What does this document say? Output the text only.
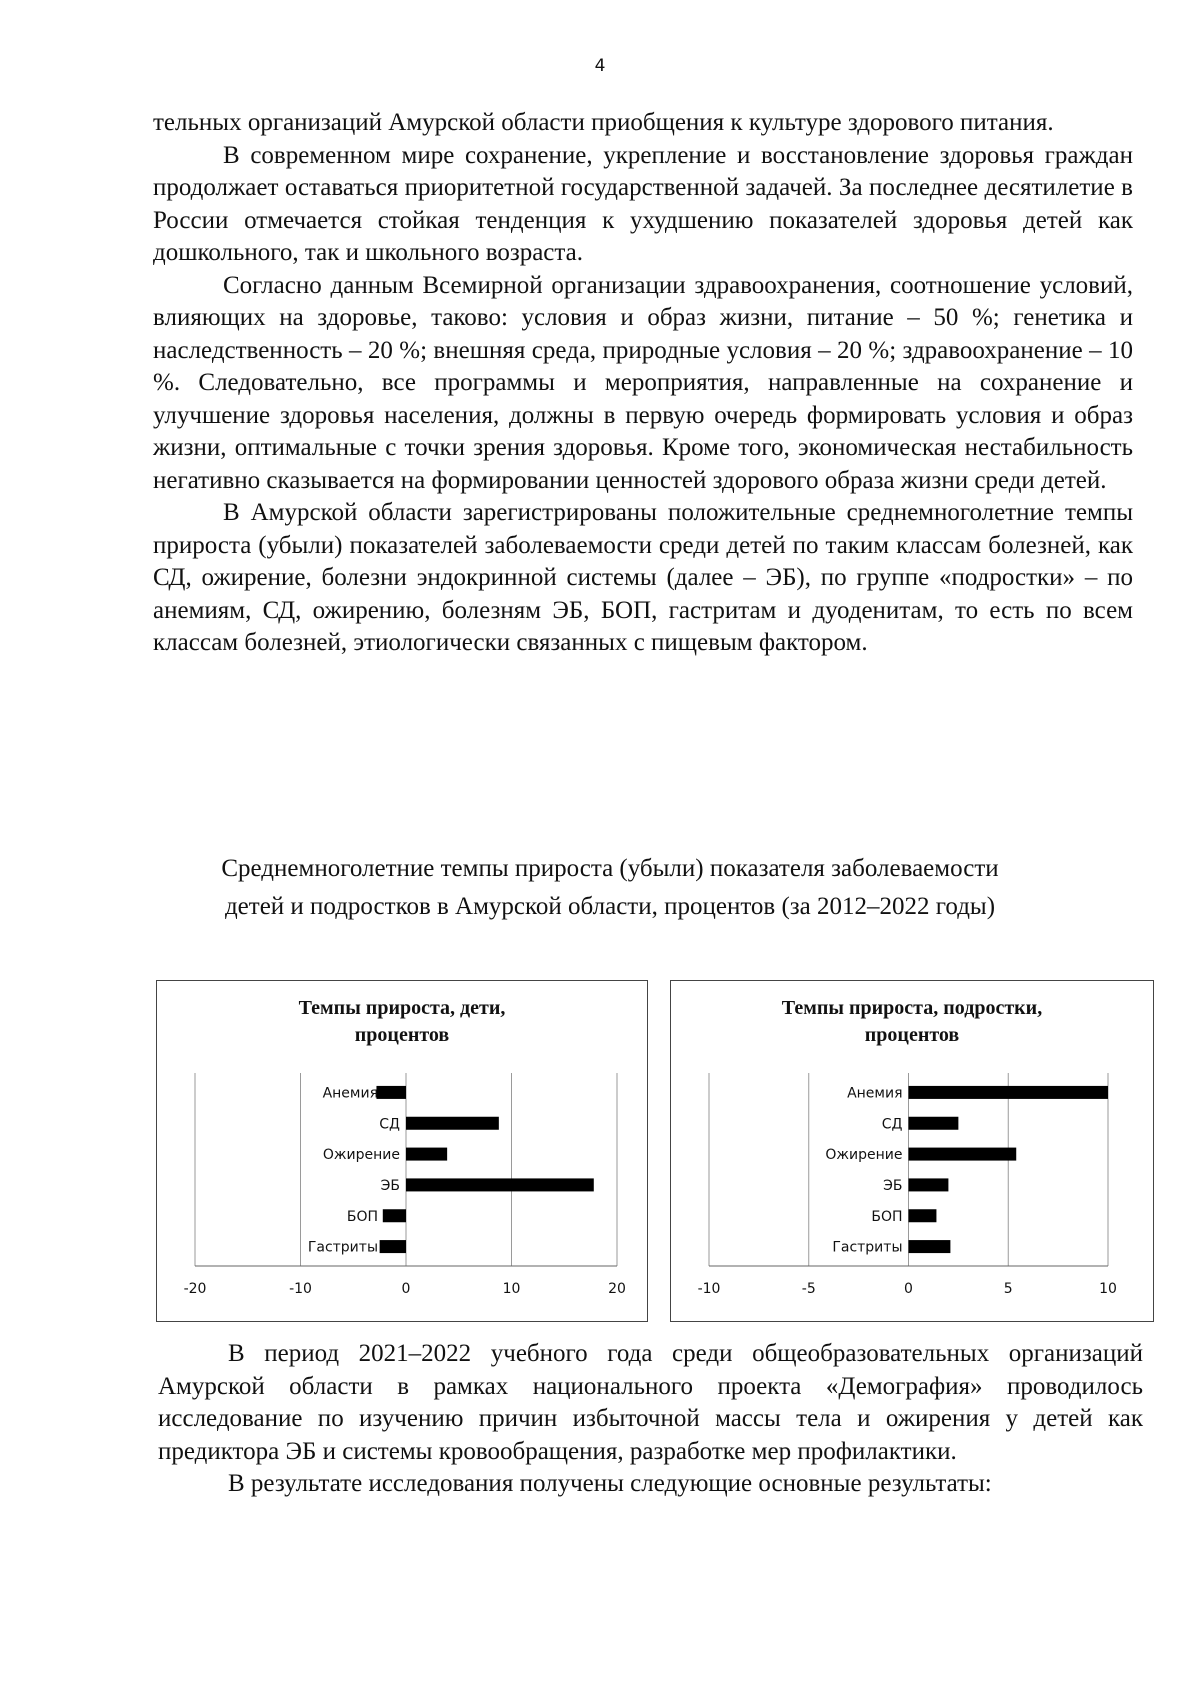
4

тельных организаций Амурской области приобщения к культуре здорового питания.

В современном мире сохранение, укрепление и восстановление здоровья граждан продолжает оставаться приоритетной государственной задачей. За последнее десятилетие в России отмечается стойкая тенденция к ухудшению показателей здоровья детей как дошкольного, так и школьного возраста.

Согласно данным Всемирной организации здравоохранения, соотношение условий, влияющих на здоровье, таково: условия и образ жизни, питание – 50 %; генетика и наследственность – 20 %; внешняя среда, природные условия – 20 %; здравоохранение – 10 %. Следовательно, все программы и мероприятия, направленные на сохранение и улучшение здоровья населения, должны в первую очередь формировать условия и образ жизни, оптимальные с точки зрения здоровья. Кроме того, экономическая нестабильность негативно сказывается на формировании ценностей здорового образа жизни среди детей.

В Амурской области зарегистрированы положительные среднемноголетние темпы прироста (убыли) показателей заболеваемости среди детей по таким классам болезней, как СД, ожирение, болезни эндокринной системы (далее – ЭБ), по группе «подростки» – по анемиям, СД, ожирению, болезням ЭБ, БОП, гастритам и дуоденитам, то есть по всем классам болезней, этиологически связанных с пищевым фактором.

Среднемноголетние темпы прироста (убыли) показателя заболеваемости
детей и подростков в Амурской области, процентов (за 2012–2022 годы)
Темпы прироста, дети,
процентов
-20	-10	0	10	20
Анемия
СД
Ожирение
ЭБ
БОП
Гастриты
Темпы прироста, подростки,
процентов
-10	-5	0	5	10
Анемия
СД
Ожирение
ЭБ
БОП
Гастриты

В период 2021–2022 учебного года среди общеобразовательных организаций Амурской области в рамках национального проекта «Демография» проводилось исследование по изучению причин избыточной массы тела и ожирения у детей как предиктора ЭБ и системы кровообращения, разработке мер профилактики.

В результате исследования получены следующие основные результаты:
